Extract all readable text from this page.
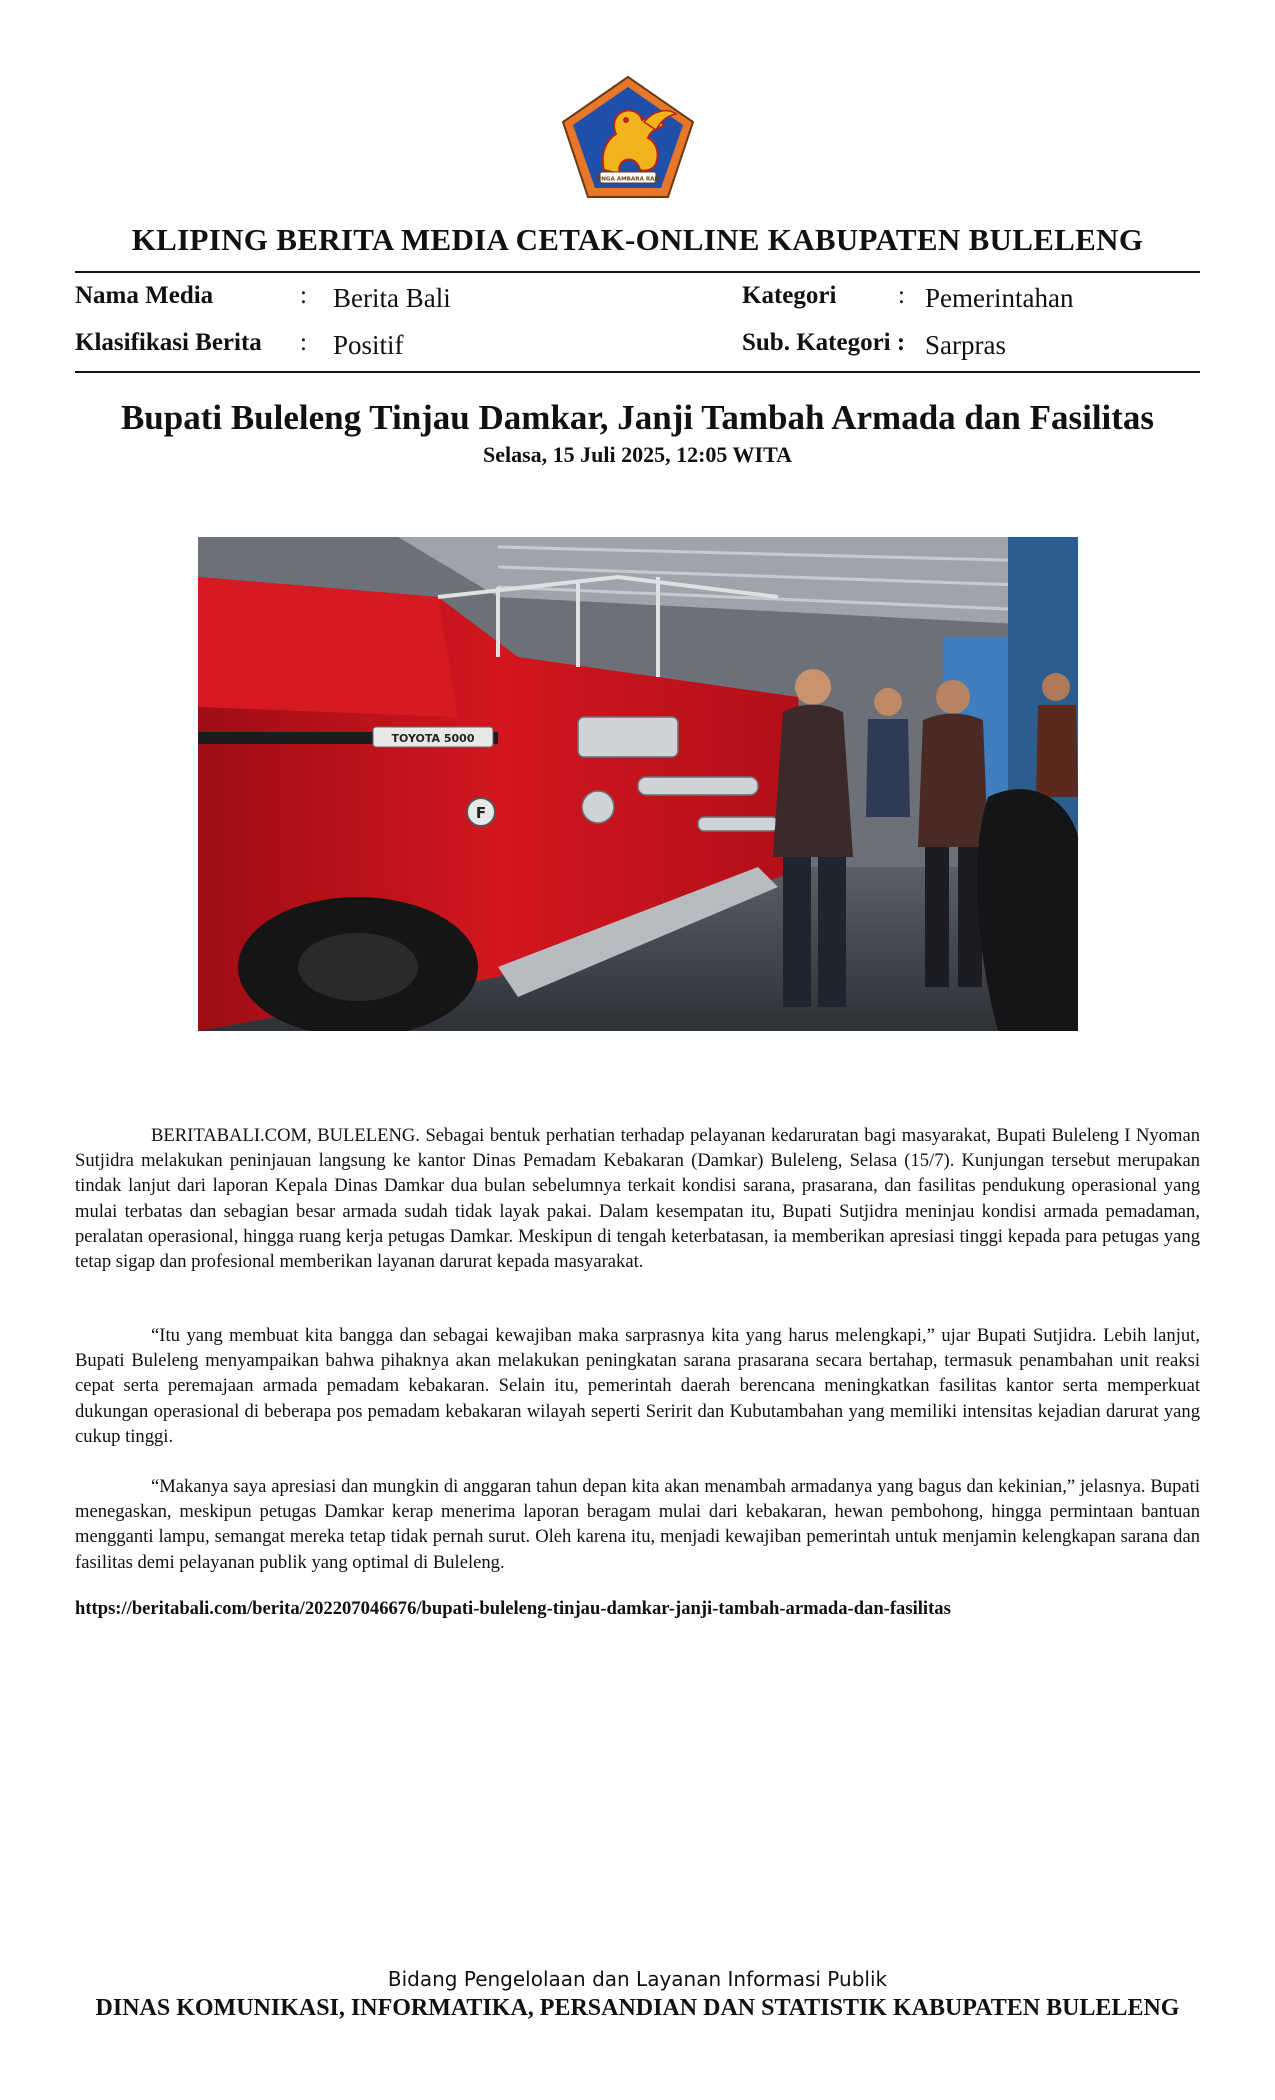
SINGA AMBARA RAJA
KLIPING BERITA MEDIA CETAK-ONLINE KABUPATEN BULELENG
Nama Media	: Berita Bali
Klasifikasi Berita : Positif
Kategori : Pemerintahan
Sub. Kategori : Sarpras
Bupati Buleleng Tinjau Damkar, Janji Tambah Armada dan Fasilitas
Selasa, 15 Juli 2025, 12:05 WITA
TOYOTA 5000
F

BERITABALI.COM, BULELENG. Sebagai bentuk perhatian terhadap pelayanan kedaruratan bagi masyarakat, Bupati Buleleng I Nyoman Sutjidra melakukan peninjauan langsung ke kantor Dinas Pemadam Kebakaran (Damkar) Buleleng, Selasa (15/7). Kunjungan tersebut merupakan tindak lanjut dari laporan Kepala Dinas Damkar dua bulan sebelumnya terkait kondisi sarana, prasarana, dan fasilitas pendukung operasional yang mulai terbatas dan sebagian besar armada sudah tidak layak pakai. Dalam kesempatan itu, Bupati Sutjidra meninjau kondisi armada pemadaman, peralatan operasional, hingga ruang kerja petugas Damkar. Meskipun di tengah keterbatasan, ia memberikan apresiasi tinggi kepada para petugas yang tetap sigap dan profesional memberikan layanan darurat kepada masyarakat.

“Itu yang membuat kita bangga dan sebagai kewajiban maka sarprasnya kita yang harus melengkapi,” ujar Bupati Sutjidra. Lebih lanjut, Bupati Buleleng menyampaikan bahwa pihaknya akan melakukan peningkatan sarana prasarana secara bertahap, termasuk penambahan unit reaksi cepat serta peremajaan armada pemadam kebakaran. Selain itu, pemerintah daerah berencana meningkatkan fasilitas kantor serta memperkuat dukungan operasional di beberapa pos pemadam kebakaran wilayah seperti Seririt dan Kubutambahan yang memiliki intensitas kejadian darurat yang cukup tinggi.

“Makanya saya apresiasi dan mungkin di anggaran tahun depan kita akan menambah armadanya yang bagus dan kekinian,” jelasnya. Bupati menegaskan, meskipun petugas Damkar kerap menerima laporan beragam mulai dari kebakaran, hewan pembohong, hingga permintaan bantuan mengganti lampu, semangat mereka tetap tidak pernah surut. Oleh karena itu, menjadi kewajiban pemerintah untuk menjamin kelengkapan sarana dan fasilitas demi pelayanan publik yang optimal di Buleleng.

https://beritabali.com/berita/202207046676/bupati-buleleng-tinjau-damkar-janji-tambah-armada-dan-fasilitas
Bidang Pengelolaan dan Layanan Informasi Publik
DINAS KOMUNIKASI, INFORMATIKA, PERSANDIAN DAN STATISTIK KABUPATEN BULELENG
